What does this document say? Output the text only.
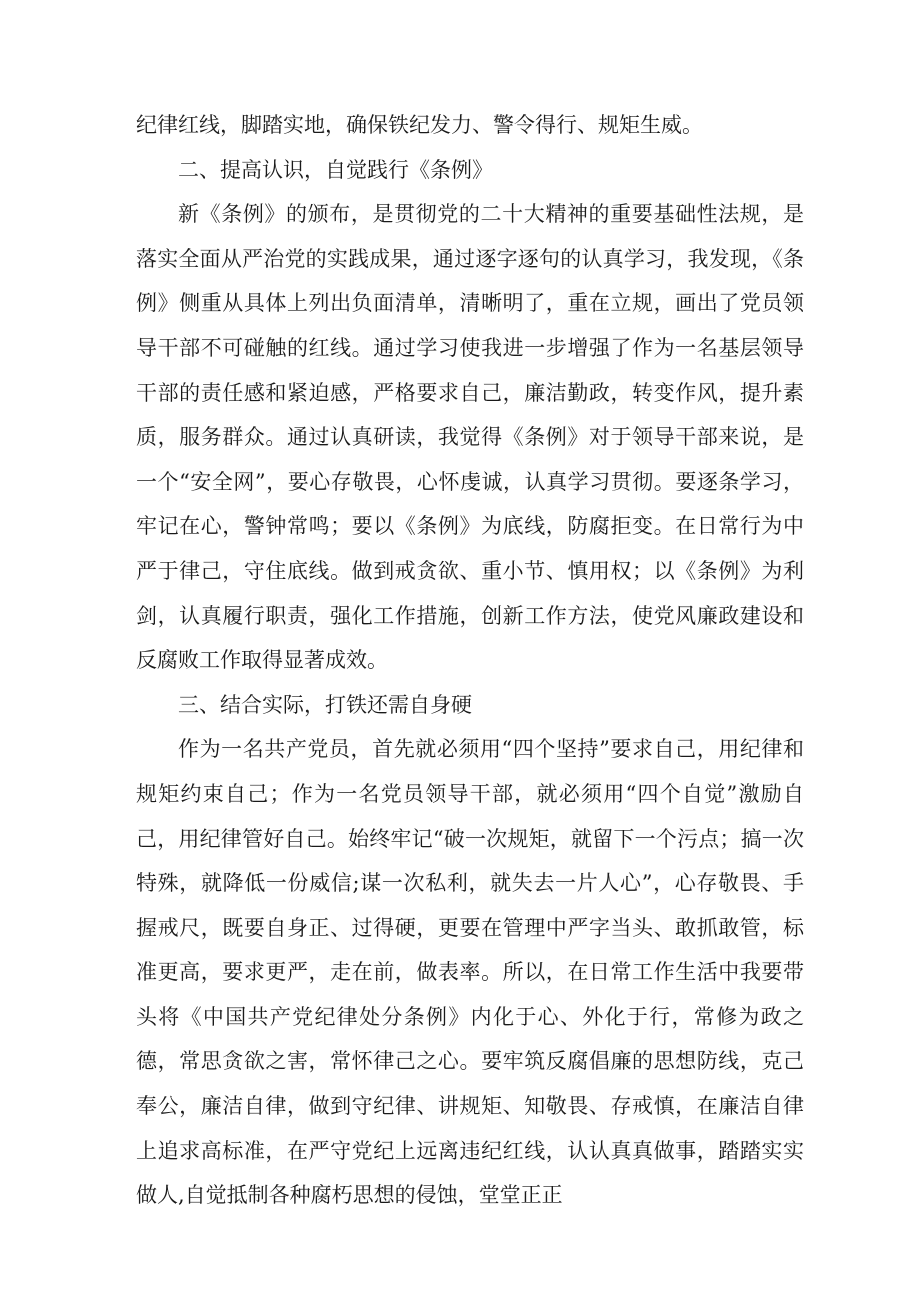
纪律红线，脚踏实地，确保铁纪发力、警令得行、规矩生威。

二、提高认识，自觉践行《条例》

新《条例》的颁布，是贯彻党的二十大精神的重要基础性法规，是落实全面从严治党的实践成果，通过逐字逐句的认真学习，我发现，《条例》侧重从具体上列出负面清单，清晰明了，重在立规，画出了党员领导干部不可碰触的红线。通过学习使我进一步增强了作为一名基层领导干部的责任感和紧迫感，严格要求自己，廉洁勤政，转变作风，提升素质，服务群众。通过认真研读，我觉得《条例》对于领导干部来说，是一个“安全网”，要心存敬畏，心怀虔诚，认真学习贯彻。要逐条学习，牢记在心，警钟常鸣；要以《条例》为底线，防腐拒变。在日常行为中严于律己，守住底线。做到戒贪欲、重小节、慎用权；以《条例》为利剑，认真履行职责，强化工作措施，创新工作方法，使党风廉政建设和反腐败工作取得显著成效。

三、结合实际，打铁还需自身硬

作为一名共产党员，首先就必须用“四个坚持”要求自己，用纪律和规矩约束自己；作为一名党员领导干部，就必须用“四个自觉”激励自己，用纪律管好自己。始终牢记“破一次规矩，就留下一个污点；搞一次特殊，就降低一份威信;谋一次私利，就失去一片人心”，心存敬畏、手握戒尺，既要自身正、过得硬，更要在管理中严字当头、敢抓敢管，标准更高，要求更严，走在前，做表率。所以，在日常工作生活中我要带头将《中国共产党纪律处分条例》内化于心、外化于行，常修为政之德，常思贪欲之害，常怀律己之心。要牢筑反腐倡廉的思想防线，克己奉公，廉洁自律，做到守纪律、讲规矩、知敬畏、存戒慎，在廉洁自律上追求高标准，在严守党纪上远离违纪红线，认认真真做事，踏踏实实做人,自觉抵制各种腐朽思想的侵蚀，堂堂正正
